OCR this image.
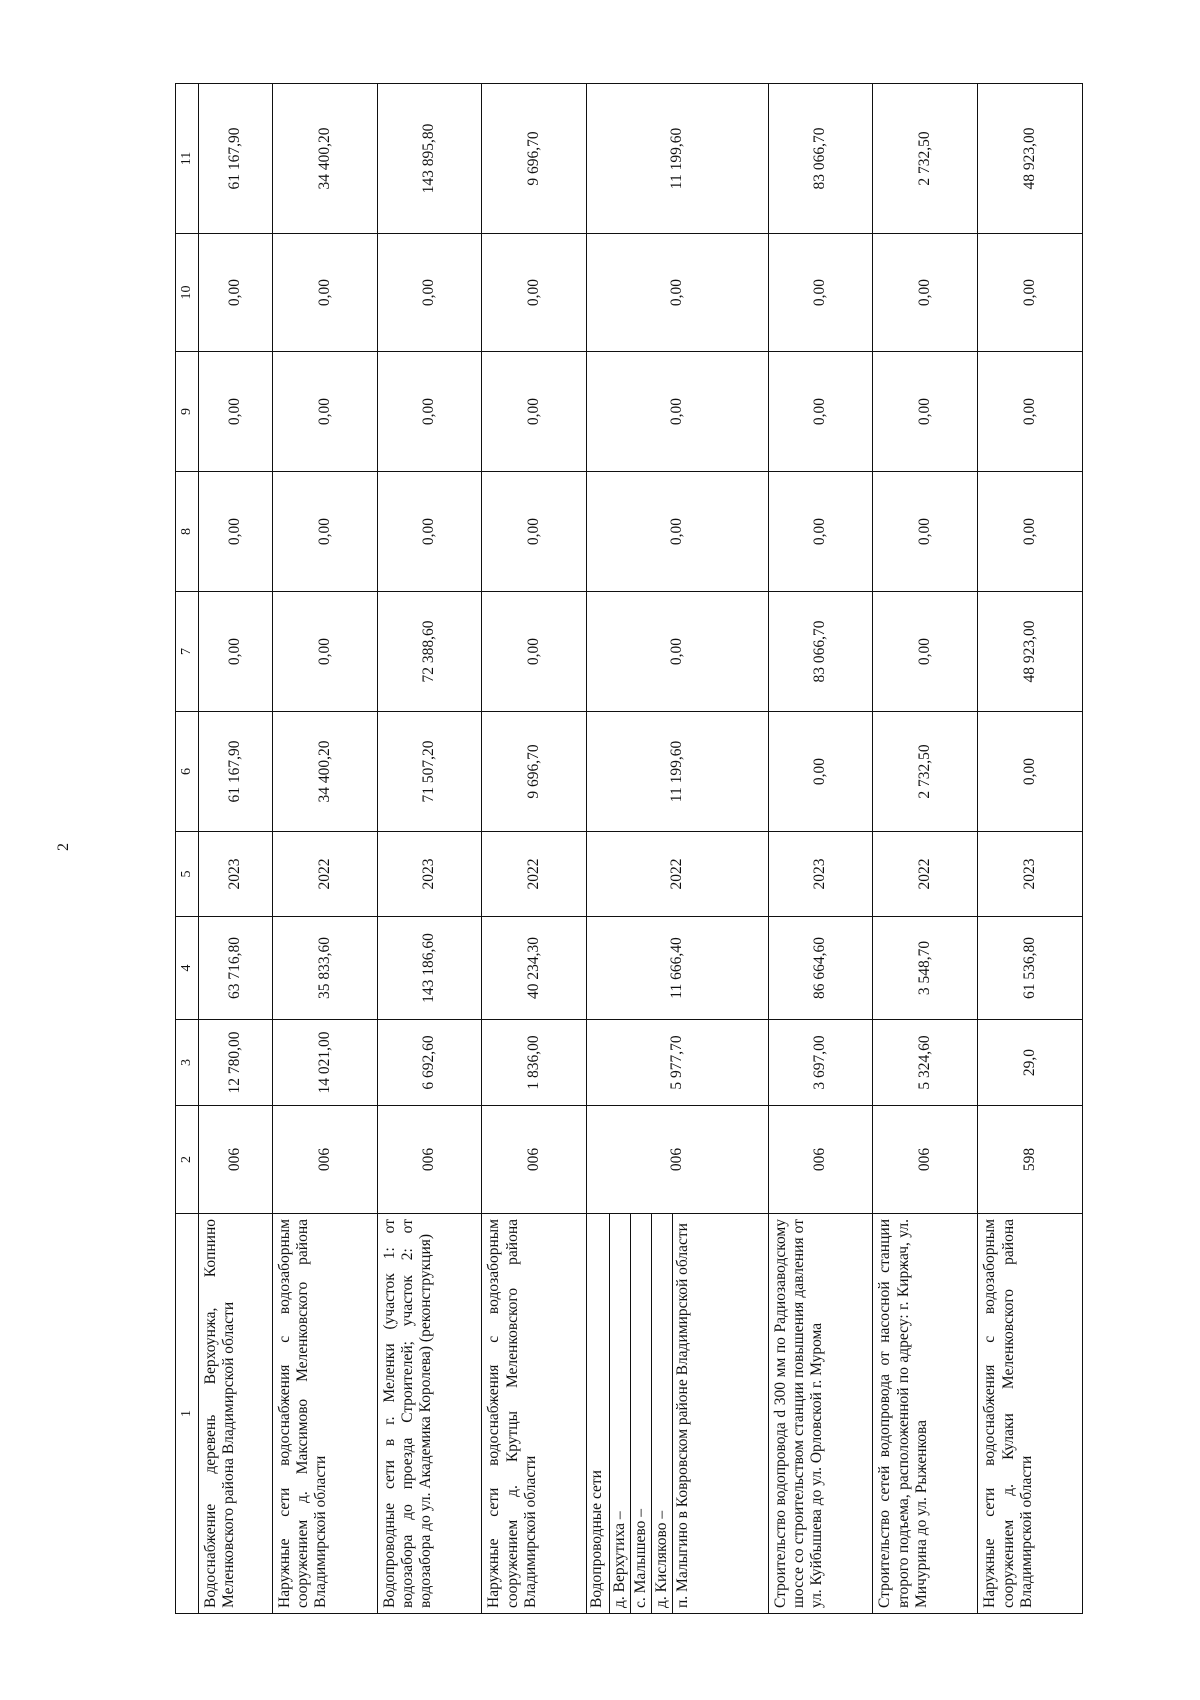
2
1	2	3	4	5	6	7	8	9	10	11
Водоснабжение деревень Верхоунжа, Копнино Меленковского района Владимирской области	006	12 780,00	63 716,80	2023	61 167,90	0,00	0,00	0,00	0,00	61 167,90
Наружные сети водоснабжения с водозаборным сооружением д. Максимово Меленковского района Владимирской области	006	14 021,00	35 833,60	2022	34 400,20	0,00	0,00	0,00	0,00	34 400,20
Водопроводные сети в г. Меленки (участок 1: от водозабора до проезда Строителей; участок 2: от водозабора до ул. Академика Королева) (реконструкция)	006	6 692,60	143 186,60	2023	71 507,20	72 388,60	0,00	0,00	0,00	143 895,80
Наружные сети водоснабжения с водозаборным сооружением д. Крутцы Меленковского района Владимирской области	006	1 836,00	40 234,30	2022	9 696,70	0,00	0,00	0,00	0,00	9 696,70

Водопроводные сети д. Верхутиха – с. Малышево – д. Кисляково – п. Малыгино в Ковровском районе Владимирской области	006	5 977,70	11 666,40	2022	11 199,60	0,00	0,00	0,00	0,00	11 199,60
Строительство водопровода d 300 мм по Радиозаводскому шоссе со строительством станции повышения давления от ул. Куйбышева до ул. Орловской г. Мурома	006	3 697,00	86 664,60	2023	0,00	83 066,70	0,00	0,00	0,00	83 066,70
Строительство сетей водопровода от насосной станции второго подъема, расположенной по адресу: г. Киржач, ул. Мичурина до ул. Рыженкова	006	5 324,60	3 548,70	2022	2 732,50	0,00	0,00	0,00	0,00	2 732,50
Наружные сети водоснабжения с водозаборным сооружением д. Кулаки Меленковского района Владимирской области	598	29,0	61 536,80	2023	0,00	48 923,00	0,00	0,00	0,00	48 923,00
